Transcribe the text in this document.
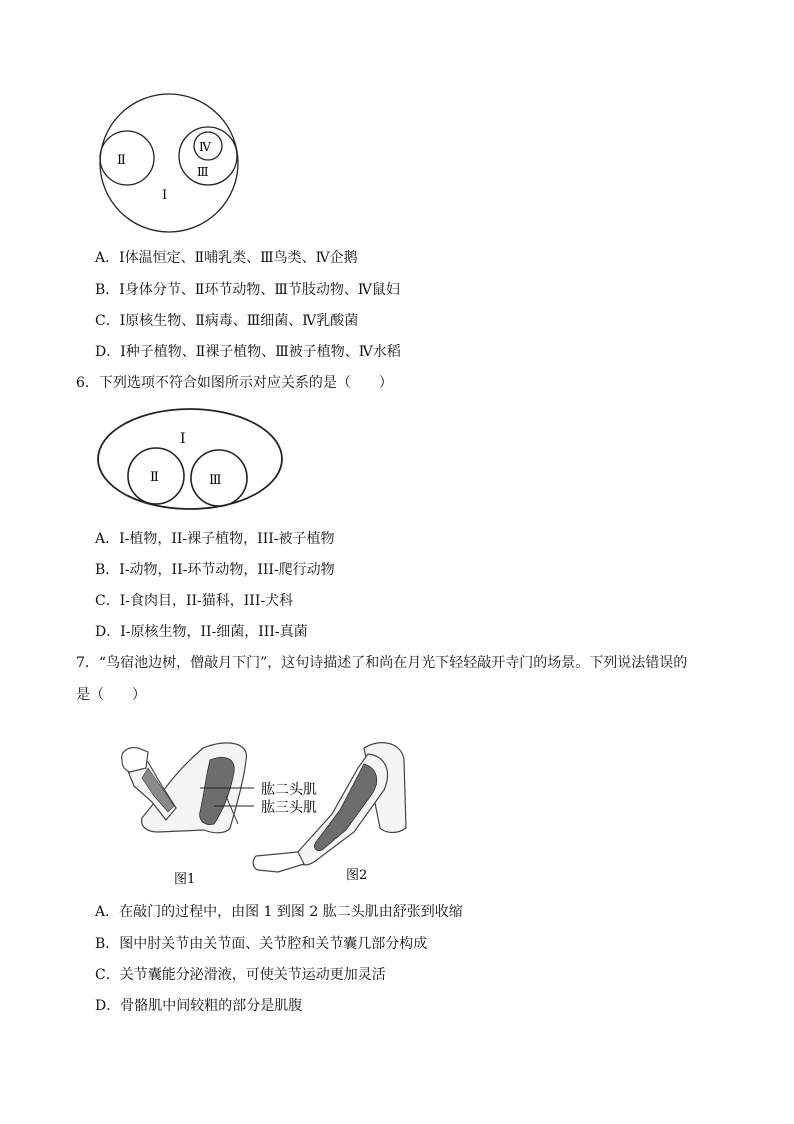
Ⅱ
Ⅳ
Ⅲ
Ⅰ
A．Ⅰ体温恒定、Ⅱ哺乳类、Ⅲ鸟类、Ⅳ企鹅
B．Ⅰ身体分节、Ⅱ环节动物、Ⅲ节肢动物、Ⅳ鼠妇
C．Ⅰ原核生物、Ⅱ病毒、Ⅲ细菌、Ⅳ乳酸菌
D．Ⅰ种子植物、Ⅱ裸子植物、Ⅲ被子植物、Ⅳ水稻
6．下列选项不符合如图所示对应关系的是（　　）
Ⅰ
Ⅱ	Ⅲ
A．I-植物，II-裸子植物，III-被子植物
B．I-动物，II-环节动物，III-爬行动物
C．I-食肉目，II-猫科，III-犬科
D．I-原核生物，II-细菌，III-真菌
7．“鸟宿池边树，僧敲月下门”，这句诗描述了和尚在月光下轻轻敲开寺门的场景。下列说法错误的
是（　　）
肱二头肌
肱三头肌
图1	图2
A．在敲门的过程中，由图 1 到图 2 肱二头肌由舒张到收缩
B．图中肘关节由关节面、关节腔和关节囊几部分构成
C．关节囊能分泌滑液，可使关节运动更加灵活
D．骨骼肌中间较粗的部分是肌腹
